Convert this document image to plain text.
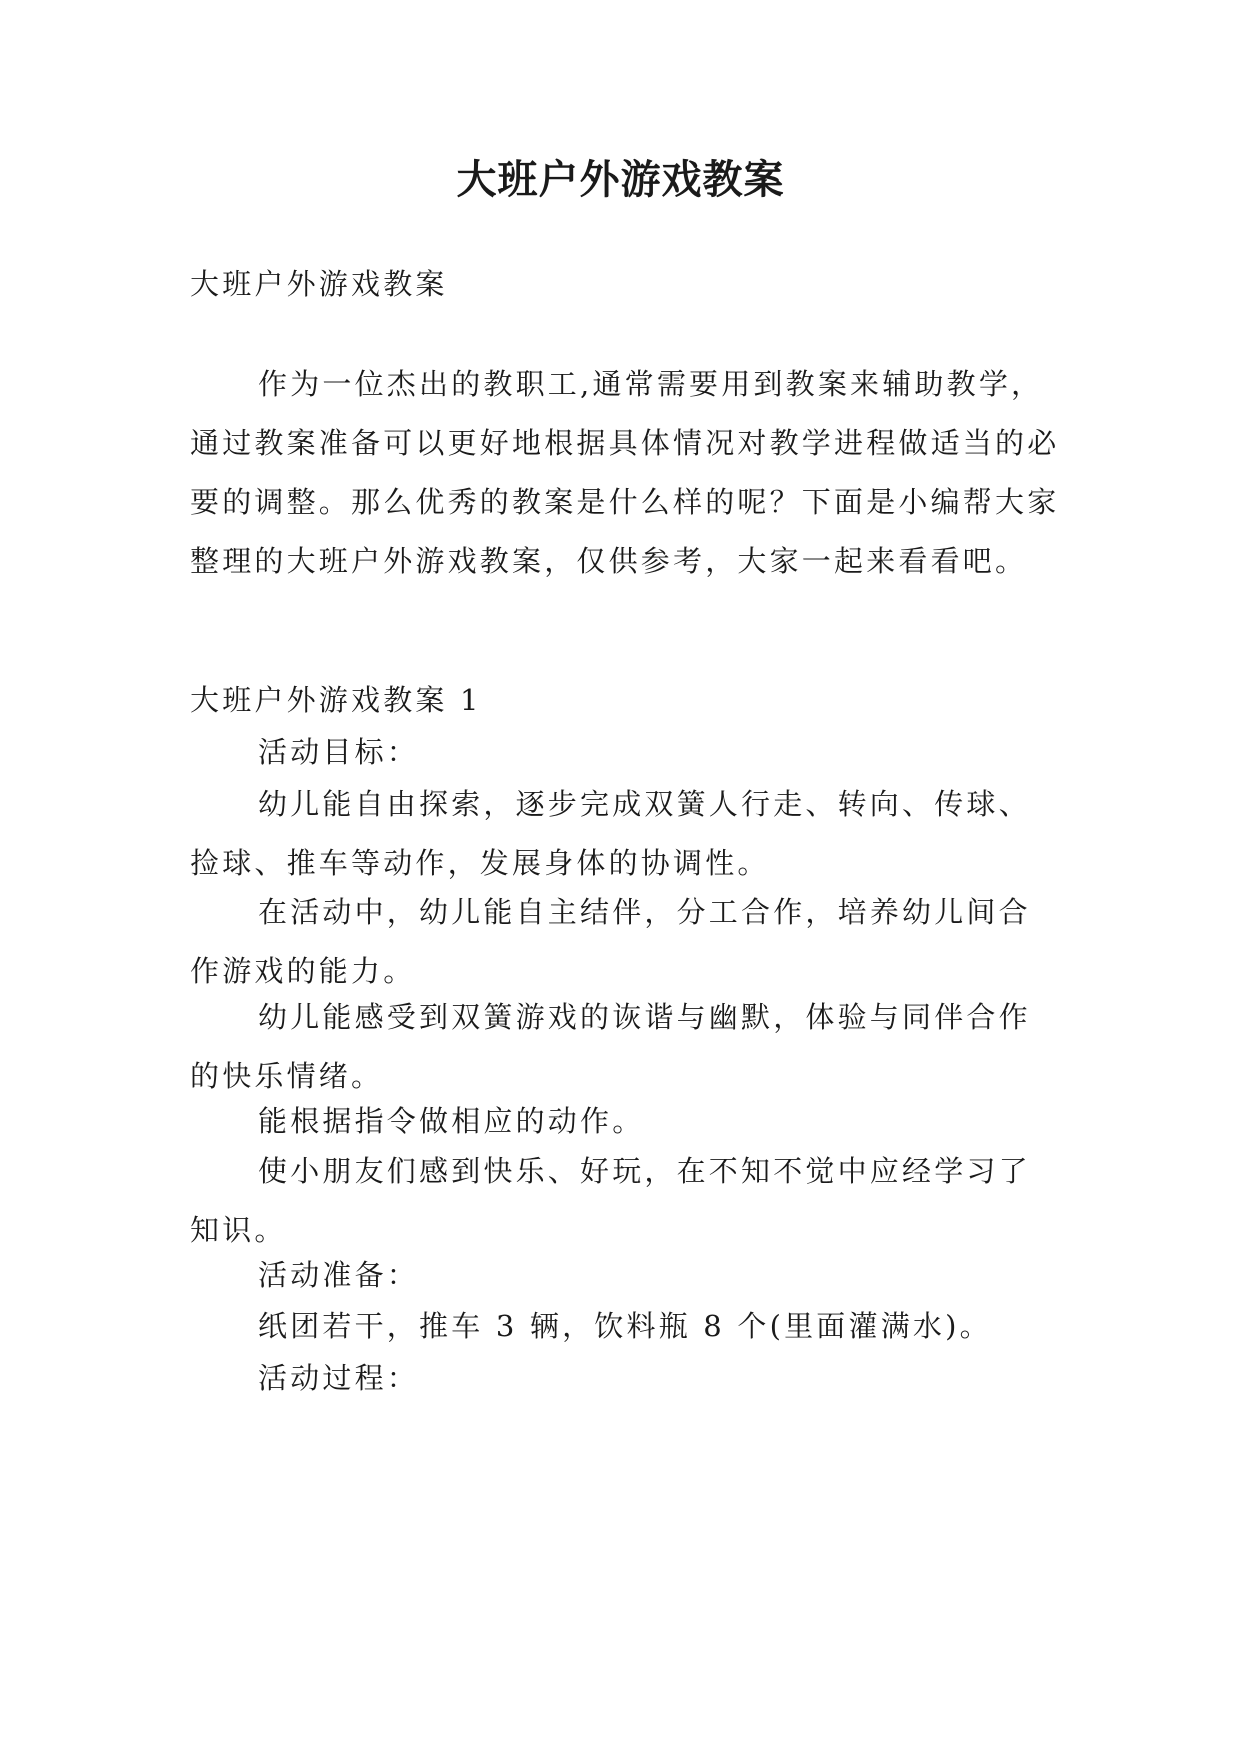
大班户外游戏教案

大班户外游戏教案

作为一位杰出的教职工,通常需要用到教案来辅助教学，通过教案准备可以更好地根据具体情况对教学进程做适当的必要的调整。那么优秀的教案是什么样的呢？下面是小编帮大家整理的大班户外游戏教案，仅供参考，大家一起来看看吧。

大班户外游戏教案 1

活动目标：

幼儿能自由探索，逐步完成双簧人行走、转向、传球、捡球、推车等动作，发展身体的协调性。

在活动中，幼儿能自主结伴，分工合作，培养幼儿间合作游戏的能力。

幼儿能感受到双簧游戏的诙谐与幽默，体验与同伴合作的快乐情绪。

能根据指令做相应的动作。

使小朋友们感到快乐、好玩，在不知不觉中应经学习了知识。

活动准备：

纸团若干，推车 3 辆，饮料瓶 8 个(里面灌满水)。

活动过程：
